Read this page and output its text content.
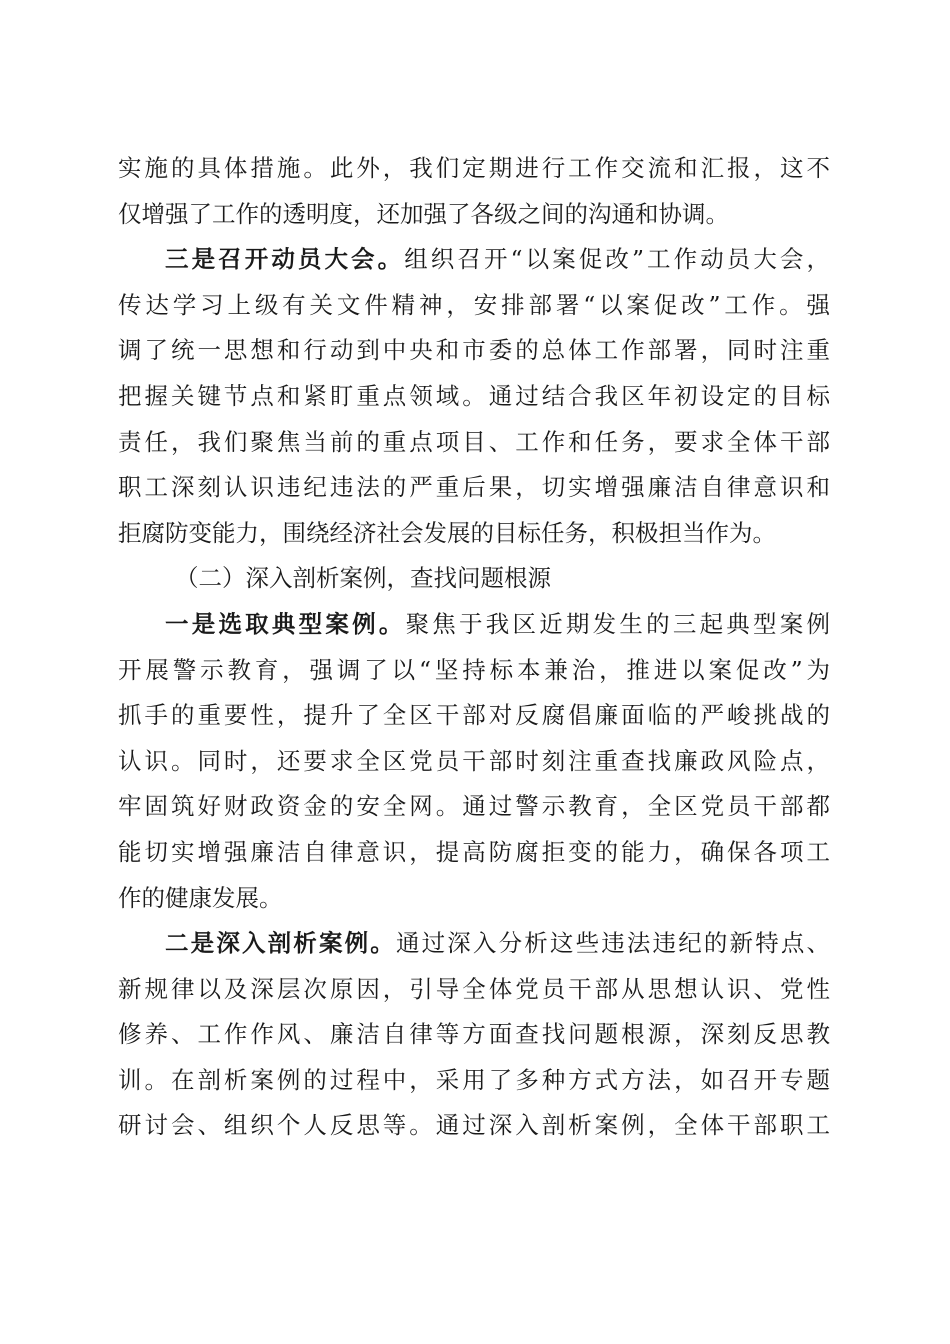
实施的具体措施。此外，我们定期进行工作交流和汇报，这不
仅增强了工作的透明度，还加强了各级之间的沟通和协调。
三是召开动员大会。组织召开“以案促改”工作动员大会，
传达学习上级有关文件精神，安排部署“以案促改”工作。强
调了统一思想和行动到中央和市委的总体工作部署，同时注重
把握关键节点和紧盯重点领域。通过结合我区年初设定的目标
责任，我们聚焦当前的重点项目、工作和任务，要求全体干部
职工深刻认识违纪违法的严重后果，切实增强廉洁自律意识和
拒腐防变能力，围绕经济社会发展的目标任务，积极担当作为。
（二）深入剖析案例，查找问题根源
一是选取典型案例。聚焦于我区近期发生的三起典型案例
开展警示教育，强调了以“坚持标本兼治，推进以案促改”为
抓手的重要性，提升了全区干部对反腐倡廉面临的严峻挑战的
认识。同时，还要求全区党员干部时刻注重查找廉政风险点，
牢固筑好财政资金的安全网。通过警示教育，全区党员干部都
能切实增强廉洁自律意识，提高防腐拒变的能力，确保各项工
作的健康发展。
二是深入剖析案例。通过深入分析这些违法违纪的新特点、
新规律以及深层次原因，引导全体党员干部从思想认识、党性
修养、工作作风、廉洁自律等方面查找问题根源，深刻反思教
训。在剖析案例的过程中，采用了多种方式方法，如召开专题
研讨会、组织个人反思等。通过深入剖析案例，全体干部职工
